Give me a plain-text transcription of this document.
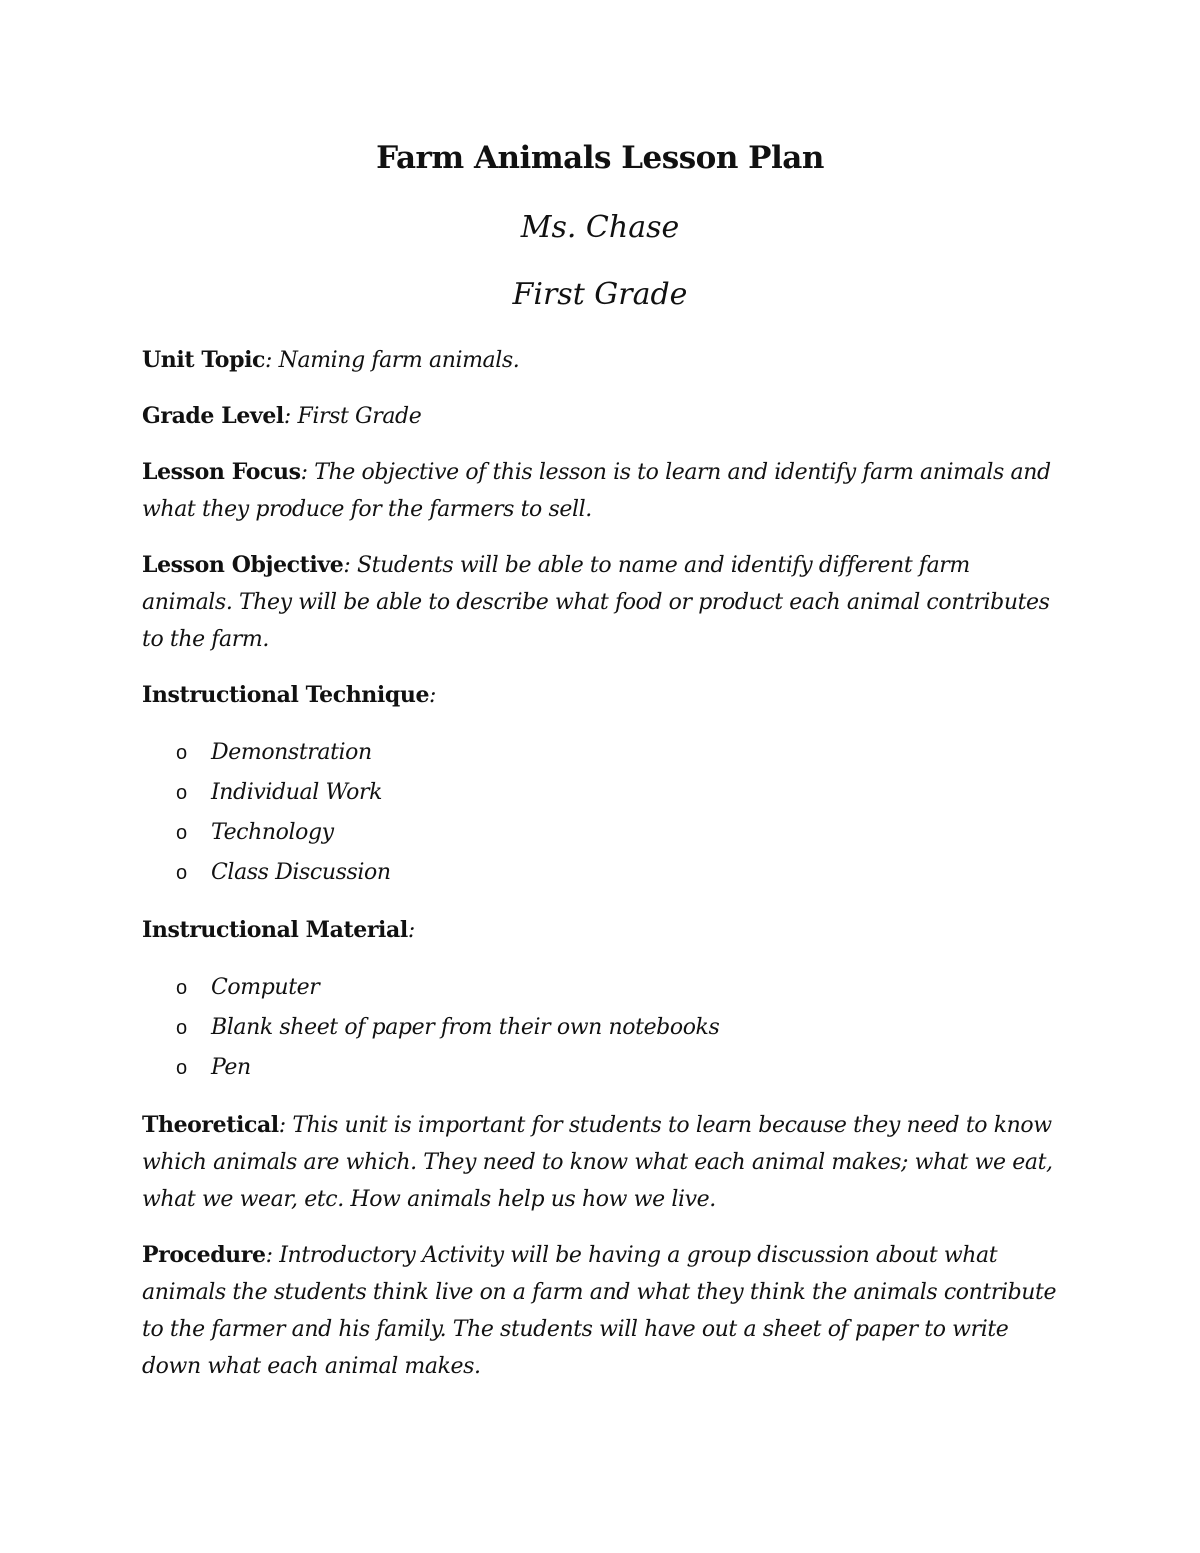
Farm Animals Lesson Plan
Ms. Chase
First Grade

Unit Topic: Naming farm animals.

Grade Level: First Grade

Lesson Focus: The objective of this lesson is to learn and identify farm animals and what they produce for the farmers to sell.

Lesson Objective: Students will be able to name and identify different farm animals. They will be able to describe what food or product each animal contributes to the farm.

Instructional Technique:

o Demonstration
o Individual Work
o Technology
o Class Discussion

Instructional Material:

o Computer
o Blank sheet of paper from their own notebooks
o Pen

Theoretical: This unit is important for students to learn because they need to know which animals are which. They need to know what each animal makes; what we eat, what we wear, etc. How animals help us how we live.

Procedure: Introductory Activity will be having a group discussion about what animals the students think live on a farm and what they think the animals contribute to the farmer and his family. The students will have out a sheet of paper to write down what each animal makes.
